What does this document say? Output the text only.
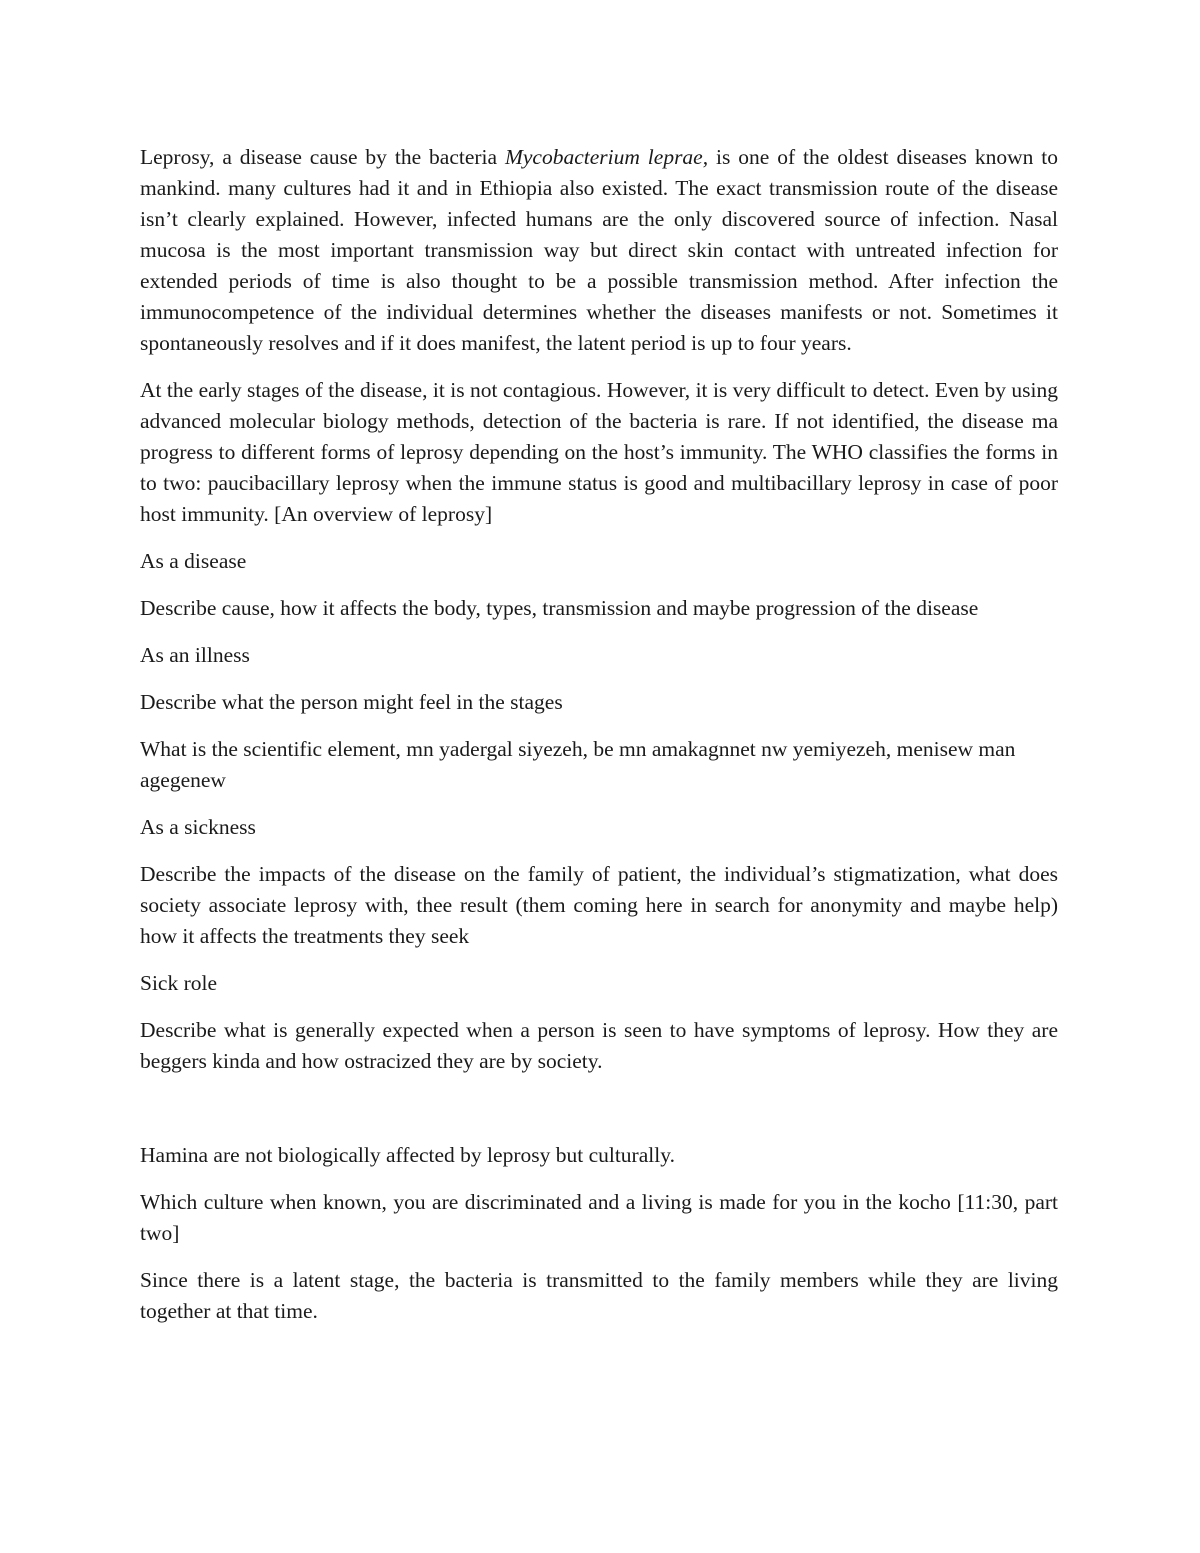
Leprosy, a disease cause by the bacteria Mycobacterium leprae, is one of the oldest diseases known to mankind. many cultures had it and in Ethiopia also existed. The exact transmission route of the disease isn’t clearly explained. However, infected humans are the only discovered source of infection. Nasal mucosa is the most important transmission way but direct skin contact with untreated infection for extended periods of time is also thought to be a possible transmission method. After infection the immunocompetence of the individual determines whether the diseases manifests or not. Sometimes it spontaneously resolves and if it does manifest, the latent period is up to four years.

At the early stages of the disease, it is not contagious. However, it is very difficult to detect. Even by using advanced molecular biology methods, detection of the bacteria is rare. If not identified, the disease ma progress to different forms of leprosy depending on the host’s immunity. The WHO classifies the forms in to two: paucibacillary leprosy when the immune status is good and multibacillary leprosy in case of poor host immunity. [An overview of leprosy]

As a disease

Describe cause, how it affects the body, types, transmission and maybe progression of the disease

As an illness

Describe what the person might feel in the stages

What is the scientific element, mn yadergal siyezeh, be mn amakagnnet nw yemiyezeh, menisew man agegenew

As a sickness

Describe the impacts of the disease on the family of patient, the individual’s stigmatization, what does society associate leprosy with, thee result (them coming here in search for anonymity and maybe help) how it affects the treatments they seek

Sick role

Describe what is generally expected when a person is seen to have symptoms of leprosy. How they are beggers kinda and how ostracized they are by society.

Hamina are not biologically affected by leprosy but culturally.

Which culture when known, you are discriminated and a living is made for you in the kocho [11:30, part two]

Since there is a latent stage, the bacteria is transmitted to the family members while they are living together at that time.
